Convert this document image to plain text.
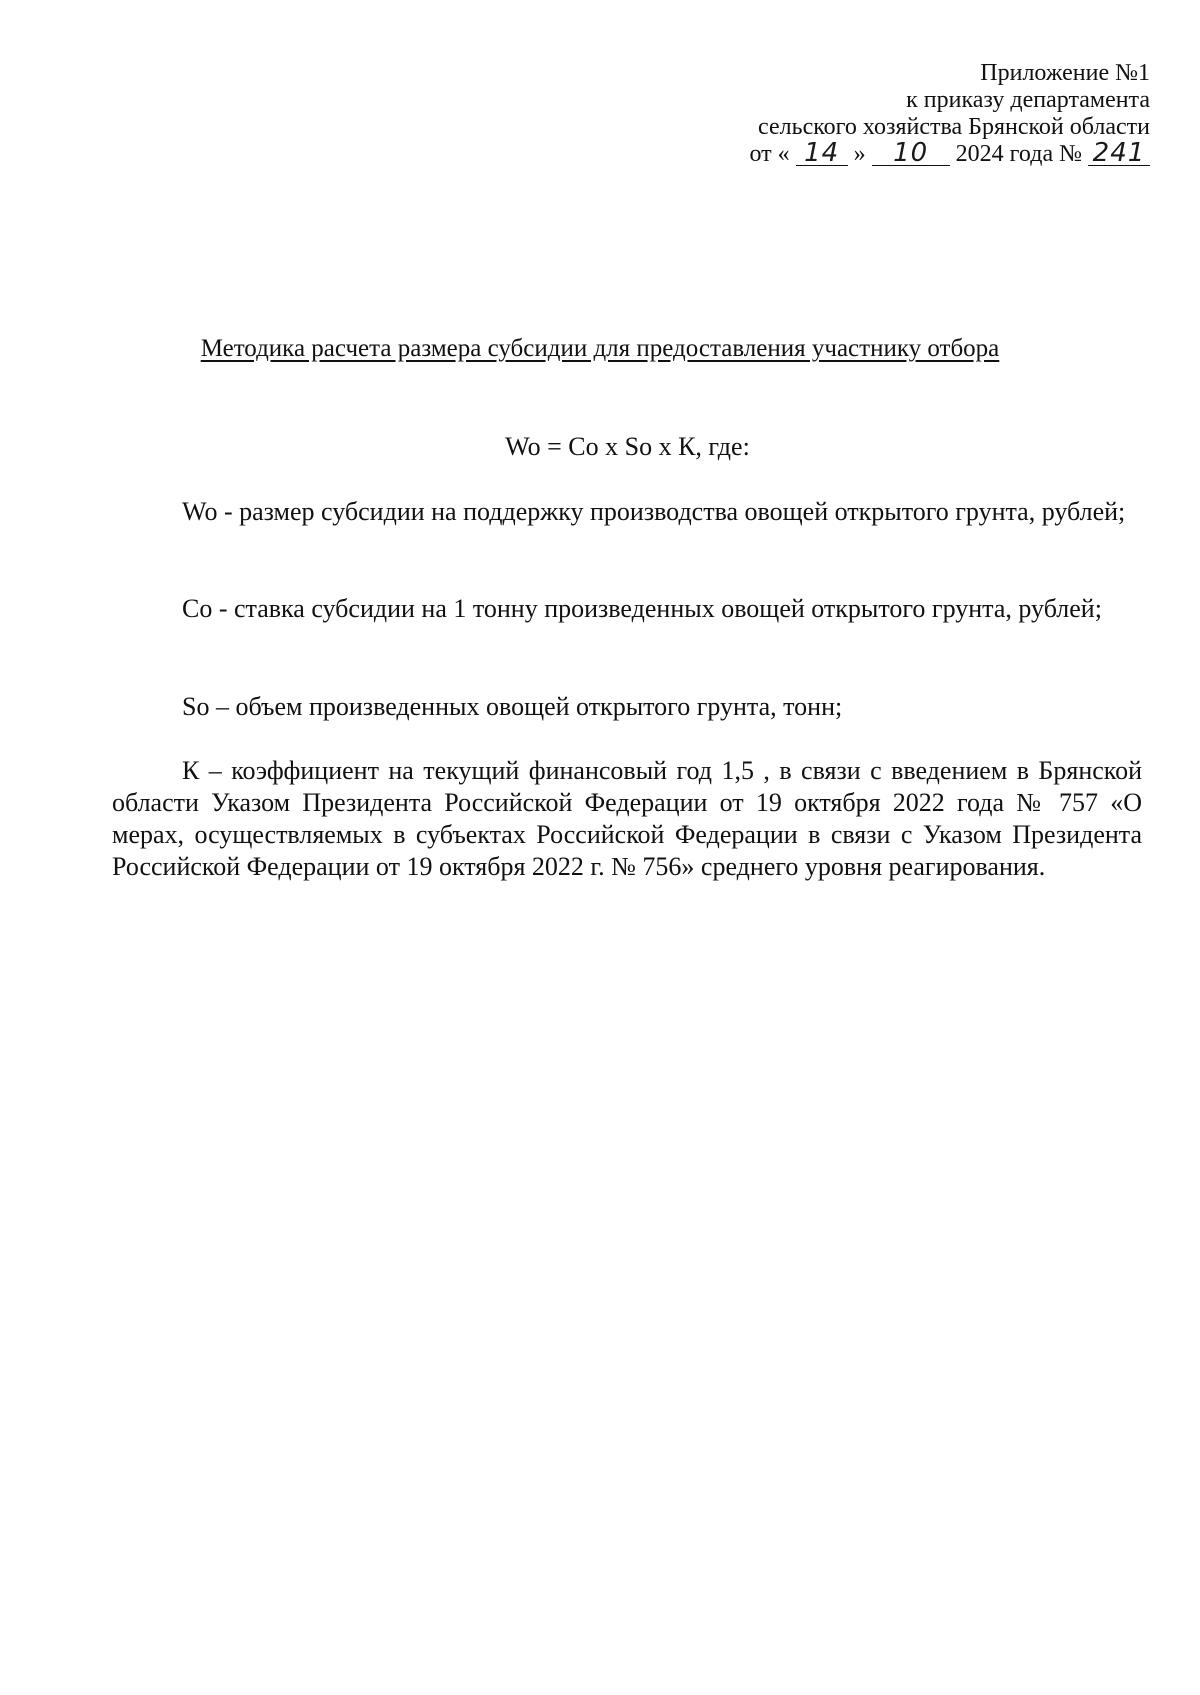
Приложение №1
к приказу департамента
сельского хозяйства Брянской области
от « 14 » 10 2024 года № 241
Методика расчета размера субсидии для предоставления участнику отбора
Wo = Co x So x К, где:

Wo - размер субсидии на поддержку производства овощей открытого грунта, рублей;

Co - ставка субсидии на 1 тонну произведенных овощей открытого грунта, рублей;

So – объем произведенных овощей открытого грунта, тонн;

К – коэффициент на текущий финансовый год 1,5 , в связи с введением в Брянской области Указом Президента Российской Федерации от 19 октября 2022 года № 757 «О мерах, осуществляемых в субъектах Российской Федерации в связи с Указом Президента Российской Федерации от 19 октября 2022 г. № 756» среднего уровня реагирования.
